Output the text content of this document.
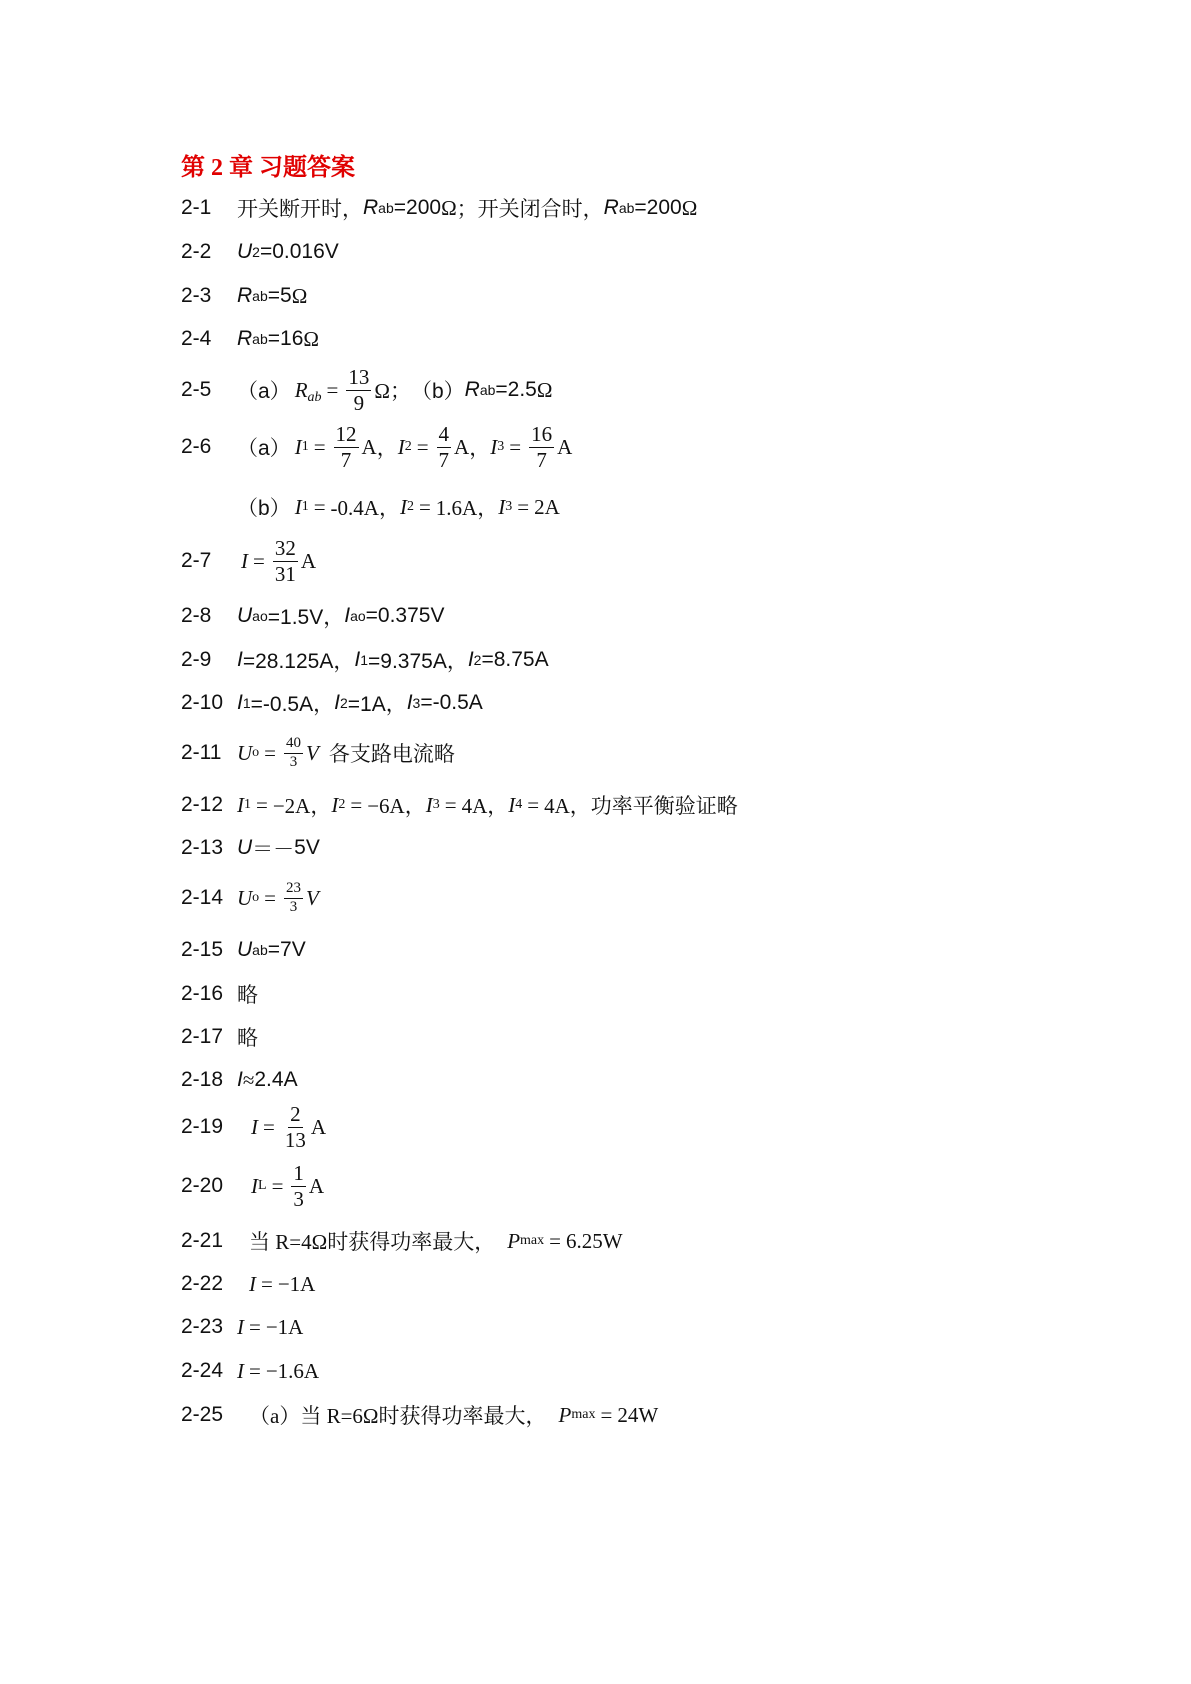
第 2 章 习题答案
2-1	开关断开时， R ab =200 Ω ；开关闭合时， R ab =200 Ω
2-2	U 2 =0.016V
2-3	R ab =5 Ω
2-4	R ab =16 Ω
2-5	（a） $R_{ab} = \frac{13}{9}$ Ω； （b） R ab =2.5 Ω
2-6	（a） I $1 = \frac{12}{7}$ A ， I $2 = \frac{4}{7}$ A ， I $3 = \frac{16}{7}$ A
（b） I 1 = -0.4A， I 2 = 1.6A， I 3 = 2A
2-7	$I = \frac{32}{31}$ A
2-8	U ao =1.5V， I ao =0.375V
2-9	I =28.125A， I 1 =9.375A， I 2 =8.75A
2-10 I 1 =-0.5A， I 2 =1A， I 3 =-0.5A
2-11 U $o = \frac{40}{3}$ V 各支路电流略
2-12 I 1 = −2A， I 2 = −6A， I 3 = 4A， I 4 = 4A，功率平衡验证略
2-13 U ＝－ 5V
2-14 U $o = \frac{23}{3}$ V
2-15 U ab =7V
2-16 略
2-17 略
2-18 I ≈ 2.4A
2-19	$I = \frac{2}{13}$ A
2-20	I $L = \frac{1}{3}$ A
2-21	当 R=4Ω时获得功率最大， P max = 6.25W
2-22	I = −1A
2-23 I = −1A
2-24 I = −1.6A
2-25	（a）当 R=6Ω时获得功率最大， P max = 24W
